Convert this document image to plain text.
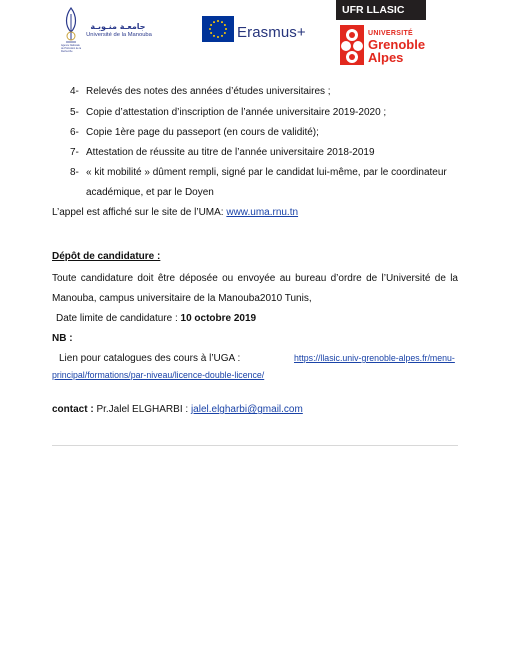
Agence Nationale de Promotion de la Recherche
جامعـة منـوبـة
Université de la Manouba	Erasmus+
UFR LLASIC
UNIVERSITÉ
Grenoble
Alpes
4- Relevés des notes des années d’études universitaires ;
5- Copie d’attestation d’inscription de l’année universitaire 2019-2020 ;
6- Copie 1ère page du passeport (en cours de validité);
7- Attestation de réussite au titre de l’année universitaire 2018-2019
8- « kit mobilité » dûment rempli, signé par le candidat lui-même, par le coordinateur
académique, et par le Doyen
L’appel est affiché sur le site de l’UMA: www.uma.rnu.tn
Dépôt de candidature :
Toute candidature doit être déposée ou envoyée au bureau d’ordre de l’Université de la
Manouba, campus universitaire de la Manouba2010 Tunis,
Date limite de candidature : 10 octobre 2019
NB :
Lien pour catalogues des cours à l’UGA :	https://llasic.univ-grenoble-alpes.fr/menu-
principal/formations/par-niveau/licence-double-licence/
contact : Pr.Jalel ELGHARBI : jalel.elgharbi@gmail.com
